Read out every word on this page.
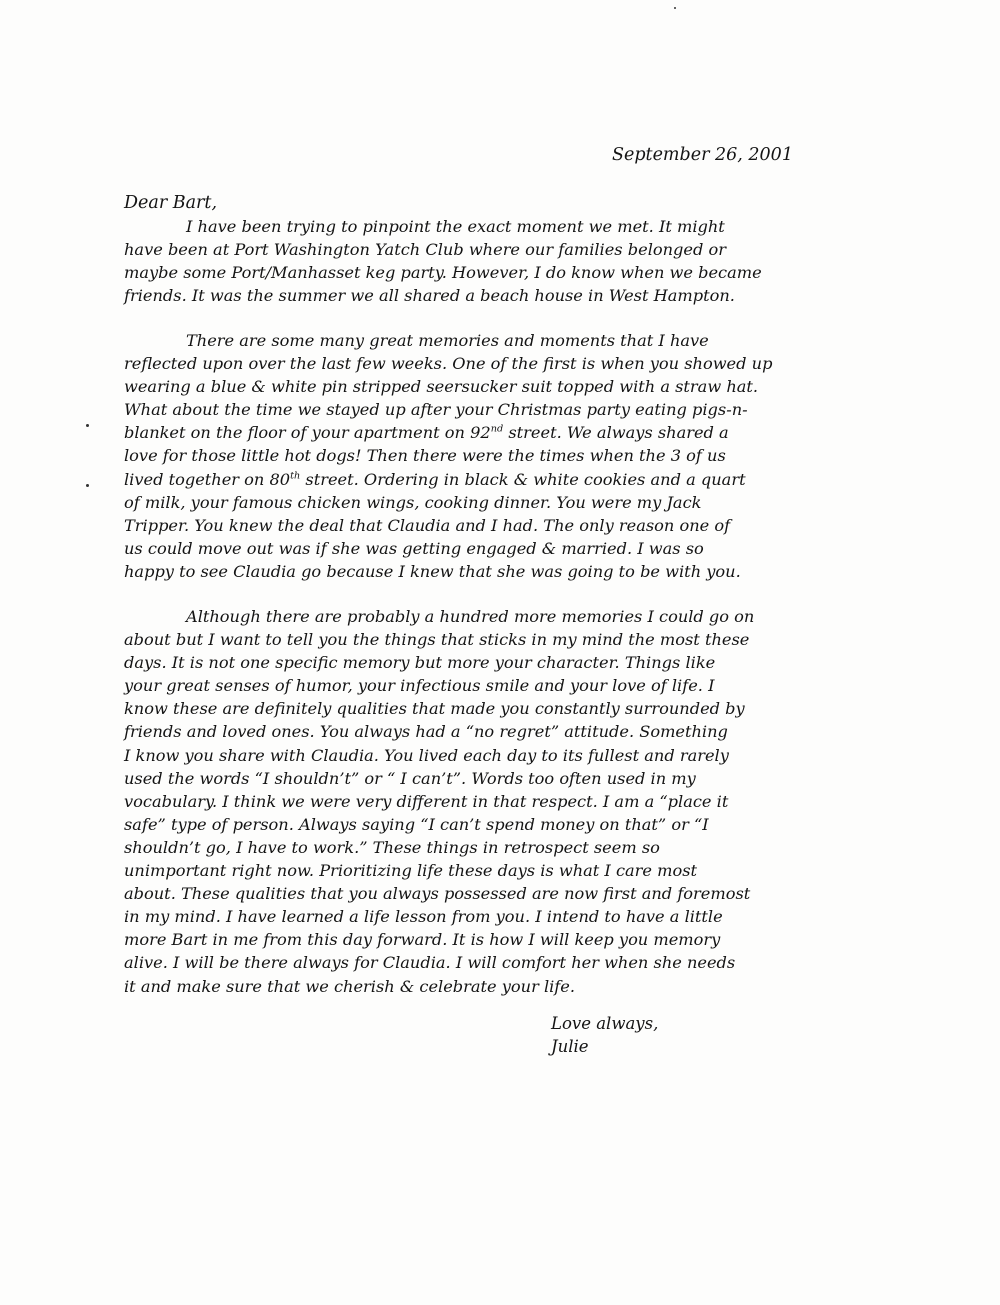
September 26, 2001
Dear Bart,
I have been trying to pinpoint the exact moment we met. It might
have been at Port Washington Yatch Club where our families belonged or
maybe some Port/Manhasset keg party. However, I do know when we became
friends. It was the summer we all shared a beach house in West Hampton.
There are some many great memories and moments that I have
reflected upon over the last few weeks. One of the first is when you showed up
wearing a blue & white pin stripped seersucker suit topped with a straw hat.
What about the time we stayed up after your Christmas party eating pigs-n-
blanket on the floor of your apartment on 92nd street. We always shared a
love for those little hot dogs! Then there were the times when the 3 of us
lived together on 80th street. Ordering in black & white cookies and a quart
of milk, your famous chicken wings, cooking dinner. You were my Jack
Tripper. You knew the deal that Claudia and I had. The only reason one of
us could move out was if she was getting engaged & married. I was so
happy to see Claudia go because I knew that she was going to be with you.
Although there are probably a hundred more memories I could go on
about but I want to tell you the things that sticks in my mind the most these
days. It is not one specific memory but more your character. Things like
your great senses of humor, your infectious smile and your love of life. I
know these are definitely qualities that made you constantly surrounded by
friends and loved ones. You always had a “no regret” attitude. Something
I know you share with Claudia. You lived each day to its fullest and rarely
used the words “I shouldn’t” or “ I can’t”. Words too often used in my
vocabulary. I think we were very different in that respect. I am a “place it
safe” type of person. Always saying “I can’t spend money on that” or “I
shouldn’t go, I have to work.” These things in retrospect seem so
unimportant right now. Prioritizing life these days is what I care most
about. These qualities that you always possessed are now first and foremost
in my mind. I have learned a life lesson from you. I intend to have a little
more Bart in me from this day forward. It is how I will keep you memory
alive. I will be there always for Claudia. I will comfort her when she needs
it and make sure that we cherish & celebrate your life.
Love always,
Julie
